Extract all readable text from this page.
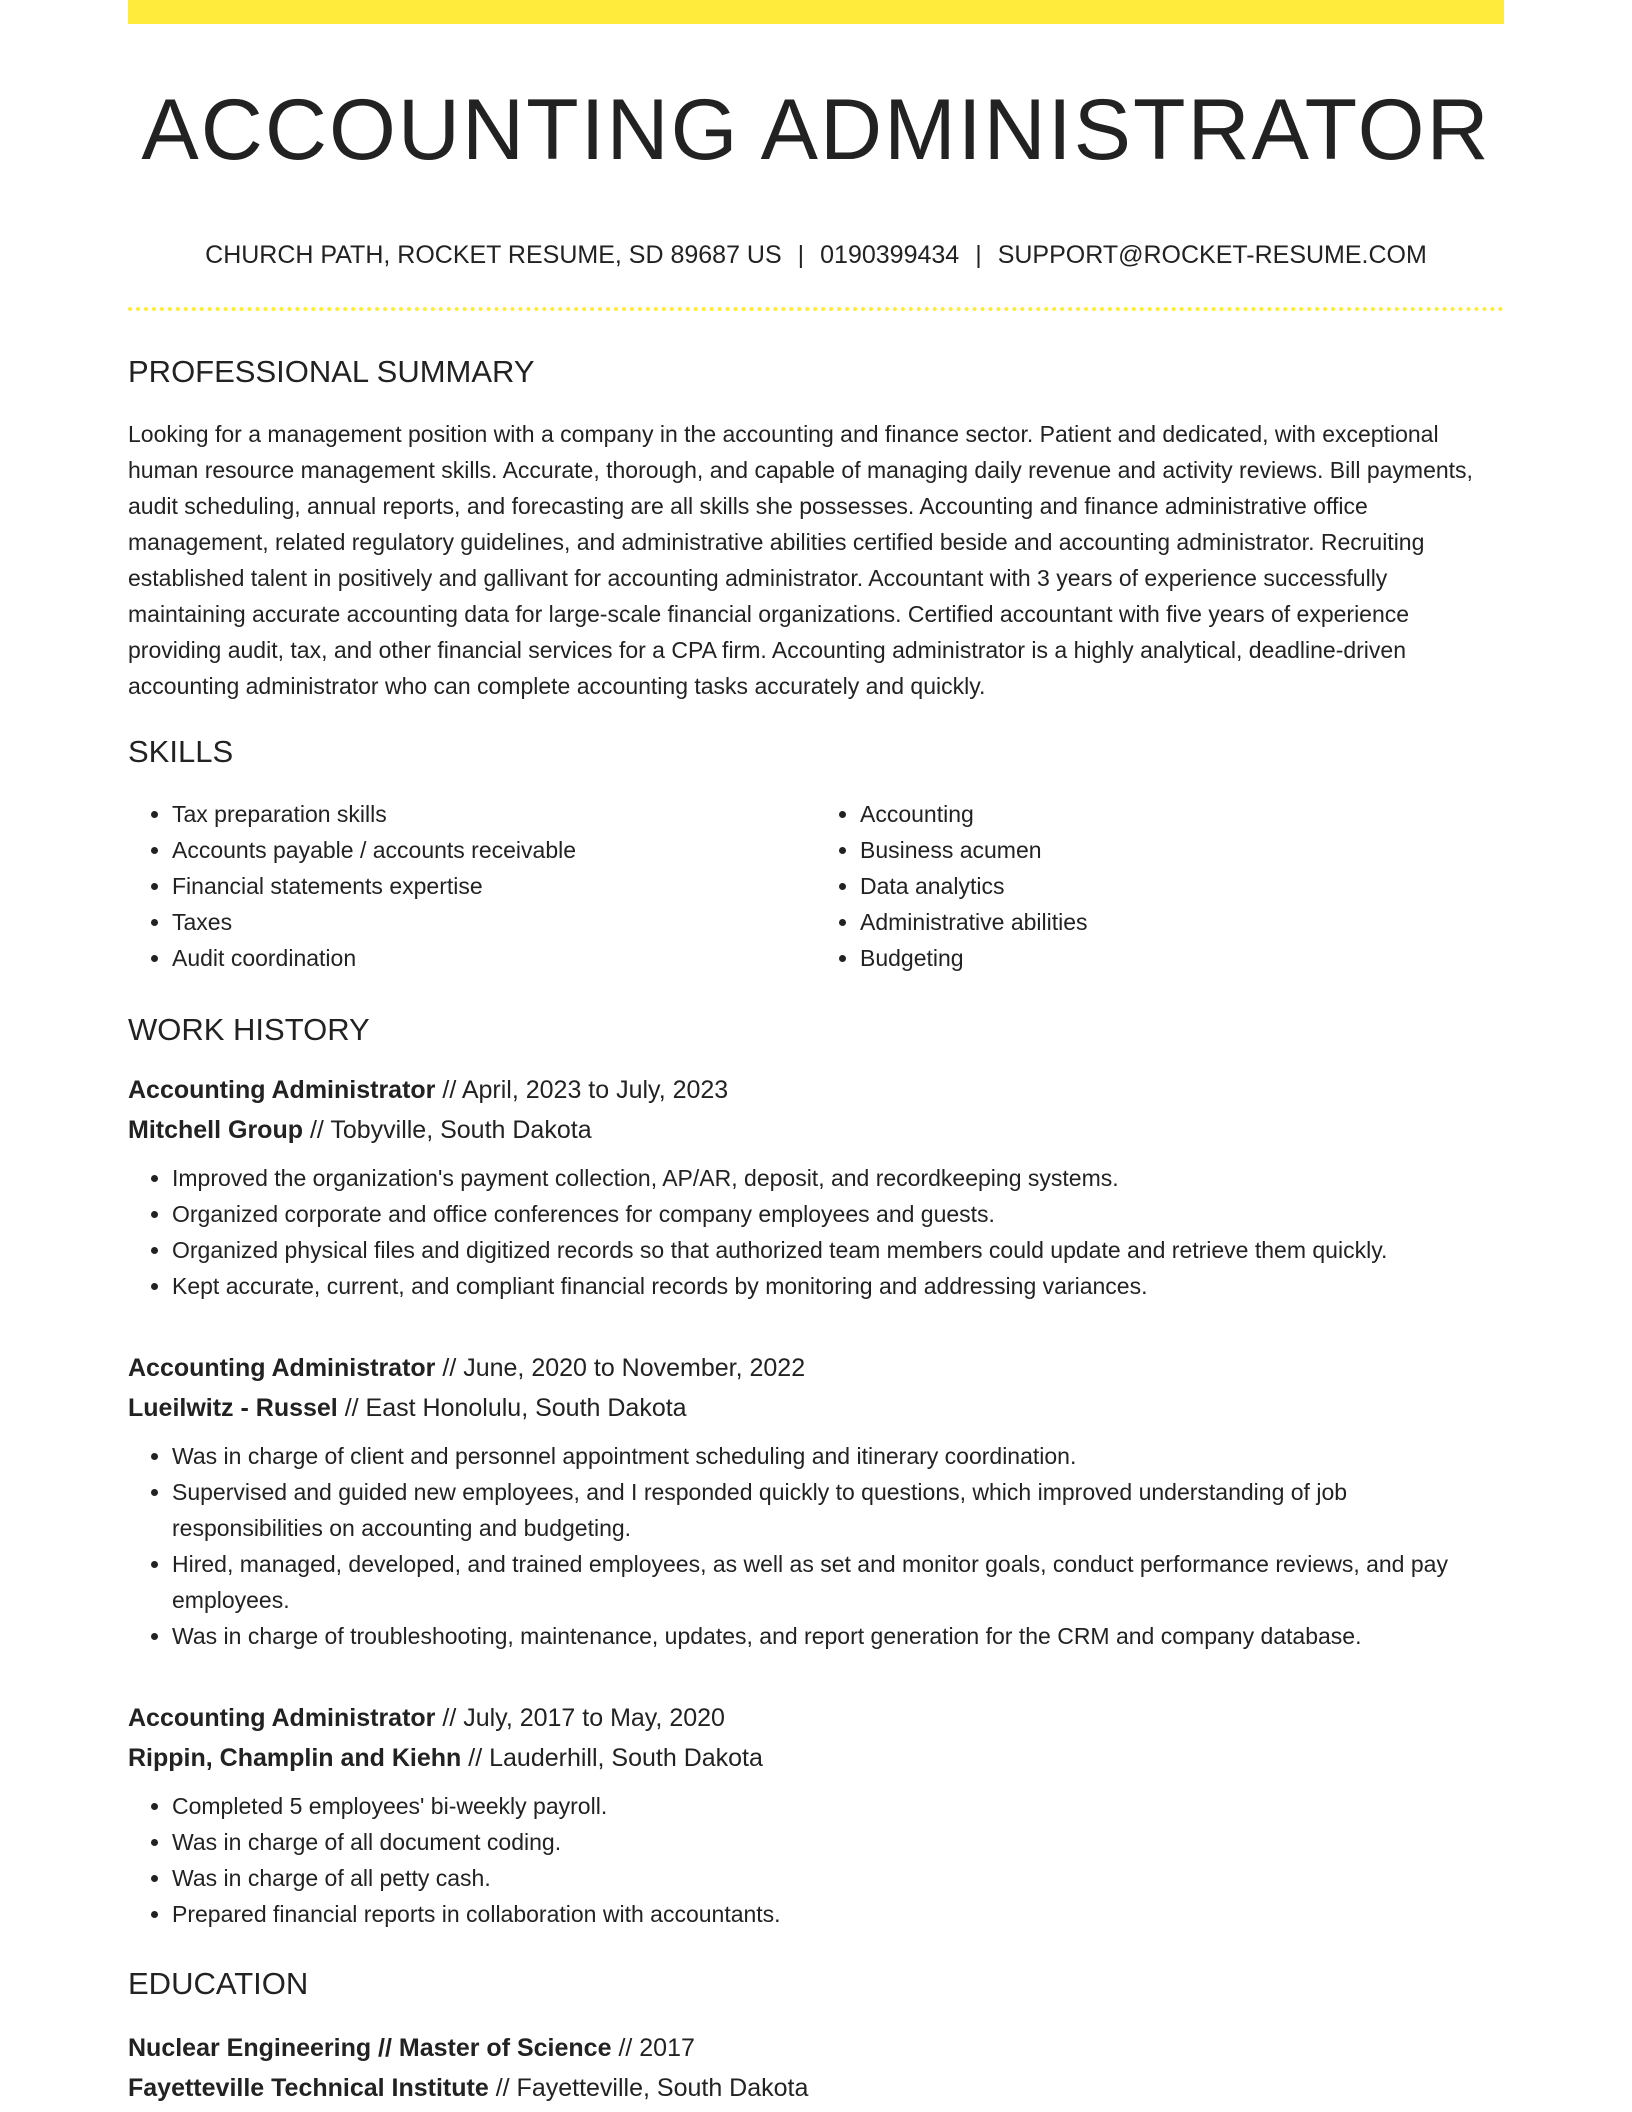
ACCOUNTING ADMINISTRATOR
CHURCH PATH, ROCKET RESUME, SD 89687 US | 0190399434 | SUPPORT@ROCKET-RESUME.COM
PROFESSIONAL SUMMARY

Looking for a management position with a company in the accounting and finance sector. Patient and dedicated, with exceptional human resource management skills. Accurate, thorough, and capable of managing daily revenue and activity reviews. Bill payments, audit scheduling, annual reports, and forecasting are all skills she possesses. Accounting and finance administrative office management, related regulatory guidelines, and administrative abilities certified beside and accounting administrator. Recruiting established talent in positively and gallivant for accounting administrator. Accountant with 3 years of experience successfully maintaining accurate accounting data for large-scale financial organizations. Certified accountant with five years of experience providing audit, tax, and other financial services for a CPA firm. Accounting administrator is a highly analytical, deadline-driven accounting administrator who can complete accounting tasks accurately and quickly.

SKILLS
• Tax preparation skills
• Accounts payable / accounts receivable
• Financial statements expertise
• Taxes
• Audit coordination
• Accounting
• Business acumen
• Data analytics
• Administrative abilities
• Budgeting
WORK HISTORY

Accounting Administrator // April, 2023 to July, 2023

Mitchell Group // Tobyville, South Dakota

• Improved the organization's payment collection, AP/AR, deposit, and recordkeeping systems.
• Organized corporate and office conferences for company employees and guests.
• Organized physical files and digitized records so that authorized team members could update and retrieve them quickly.
• Kept accurate, current, and compliant financial records by monitoring and addressing variances.

Accounting Administrator // June, 2020 to November, 2022

Lueilwitz - Russel // East Honolulu, South Dakota

• Was in charge of client and personnel appointment scheduling and itinerary coordination.
• Supervised and guided new employees, and I responded quickly to questions, which improved understanding of job responsibilities on accounting and budgeting.
• Hired, managed, developed, and trained employees, as well as set and monitor goals, conduct performance reviews, and pay employees.
• Was in charge of troubleshooting, maintenance, updates, and report generation for the CRM and company database.

Accounting Administrator // July, 2017 to May, 2020

Rippin, Champlin and Kiehn // Lauderhill, South Dakota

• Completed 5 employees' bi-weekly payroll.
• Was in charge of all document coding.
• Was in charge of all petty cash.
• Prepared financial reports in collaboration with accountants.
EDUCATION

Nuclear Engineering // Master of Science // 2017

Fayetteville Technical Institute // Fayetteville, South Dakota
